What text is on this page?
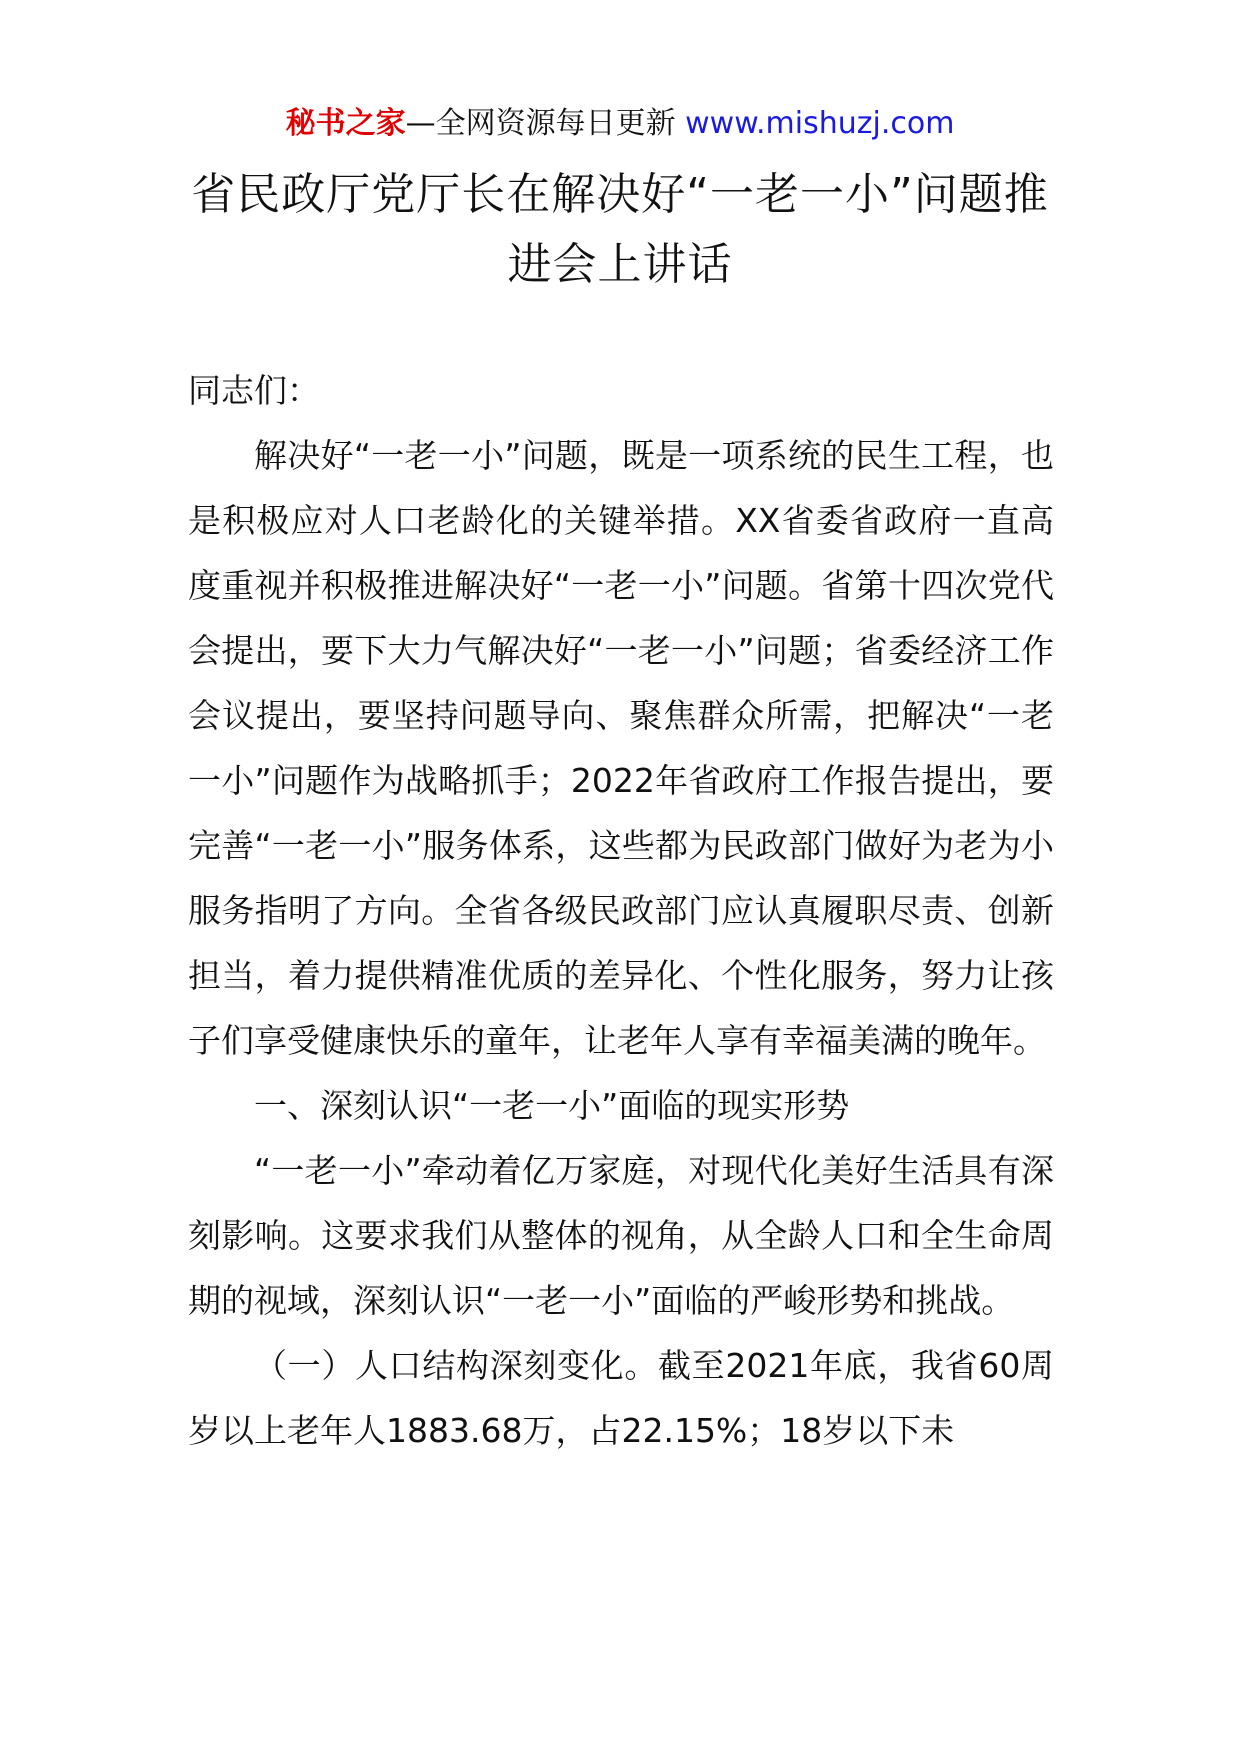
秘书之家—全网资源每日更新 www.mishuzj.com
省民政厅党厅长在解决好“一老一小”问题推进会上讲话

同志们：

解决好“一老一小”问题，既是一项系统的民生工程，也是积极应对人口老龄化的关键举措。XX省委省政府一直高度重视并积极推进解决好“一老一小”问题。省第十四次党代会提出，要下大力气解决好“一老一小”问题；省委经济工作会议提出，要坚持问题导向、聚焦群众所需，把解决“一老一小”问题作为战略抓手；2022年省政府工作报告提出，要完善“一老一小”服务体系，这些都为民政部门做好为老为小服务指明了方向。全省各级民政部门应认真履职尽责、创新担当，着力提供精准优质的差异化、个性化服务，努力让孩子们享受健康快乐的童年，让老年人享有幸福美满的晚年。

一、深刻认识“一老一小”面临的现实形势

“一老一小”牵动着亿万家庭，对现代化美好生活具有深刻影响。这要求我们从整体的视角，从全龄人口和全生命周期的视域，深刻认识“一老一小”面临的严峻形势和挑战。

（一）人口结构深刻变化。截至2021年底，我省60周岁以上老年人1883.68万，占22.15%；18岁以下未
